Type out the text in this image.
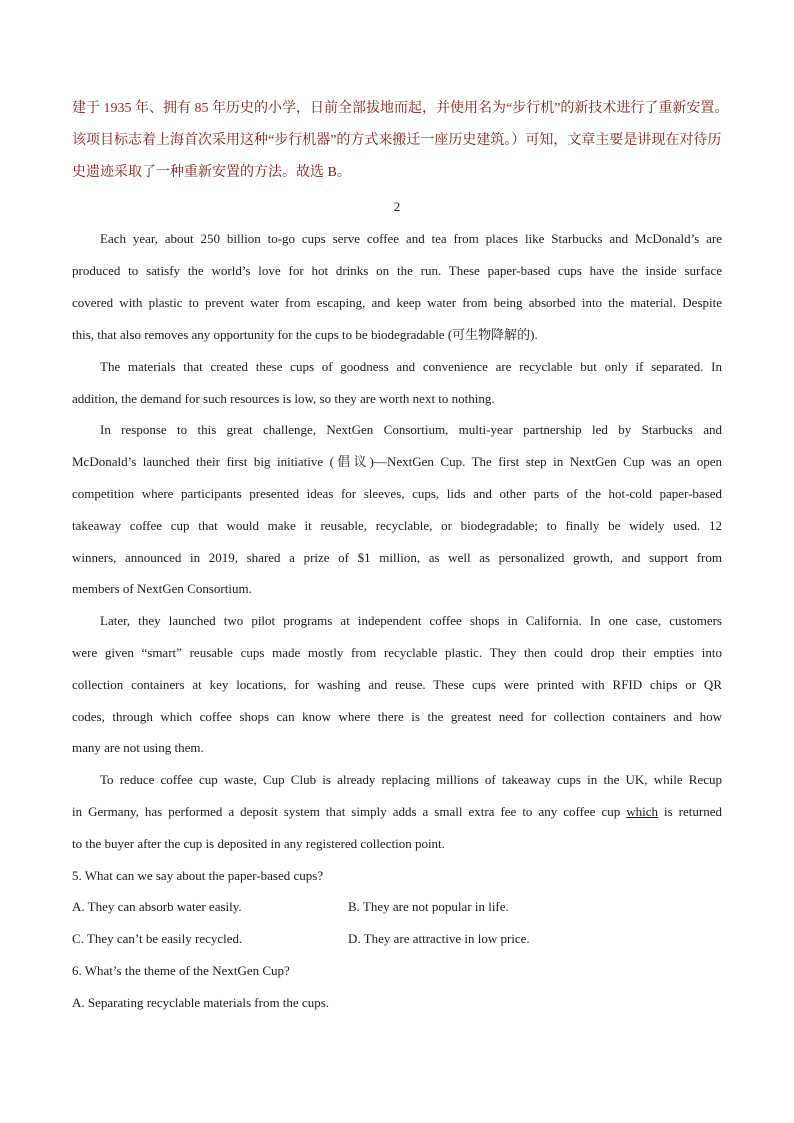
建于 1935 年、拥有 85 年历史的小学，日前全部拔地而起，并使用名为“步行机”的新技术进行了重新安置。
该项目标志着上海首次采用这种“步行机器”的方式来搬迁一座历史建筑。）可知，文章主要是讲现在对待历
史遗迹采取了一种重新安置的方法。故选 B。
2
Each year, about 250 billion to-go cups serve coffee and tea from places like Starbucks and McDonald’s are
produced to satisfy the world’s love for hot drinks on the run. These paper-based cups have the inside surface
covered with plastic to prevent water from escaping, and keep water from being absorbed into the material. Despite
this, that also removes any opportunity for the cups to be biodegradable (可生物降解的).
The materials that created these cups of goodness and convenience are recyclable but only if separated. In
addition, the demand for such resources is low, so they are worth next to nothing.
In response to this great challenge, NextGen Consortium, multi-year partnership led by Starbucks and
McDonald’s launched their first big initiative (倡议)—NextGen Cup. The first step in NextGen Cup was an open
competition where participants presented ideas for sleeves, cups, lids and other parts of the hot-cold paper-based
takeaway coffee cup that would make it reusable, recyclable, or biodegradable; to finally be widely used. 12
winners, announced in 2019, shared a prize of $1 million, as well as personalized growth, and support from
members of NextGen Consortium.
Later, they launched two pilot programs at independent coffee shops in California. In one case, customers
were given “smart” reusable cups made mostly from recyclable plastic. They then could drop their empties into
collection containers at key locations, for washing and reuse. These cups were printed with RFID chips or QR
codes, through which coffee shops can know where there is the greatest need for collection containers and how
many are not using them.
To reduce coffee cup waste, Cup Club is already replacing millions of takeaway cups in the UK, while Recup
in Germany, has performed a deposit system that simply adds a small extra fee to any coffee cup which is returned
to the buyer after the cup is deposited in any registered collection point.
5. What can we say about the paper-based cups?
A. They can absorb water easily.	B. They are not popular in life.
C. They can’t be easily recycled.	D. They are attractive in low price.
6. What’s the theme of the NextGen Cup?
A. Separating recyclable materials from the cups.
